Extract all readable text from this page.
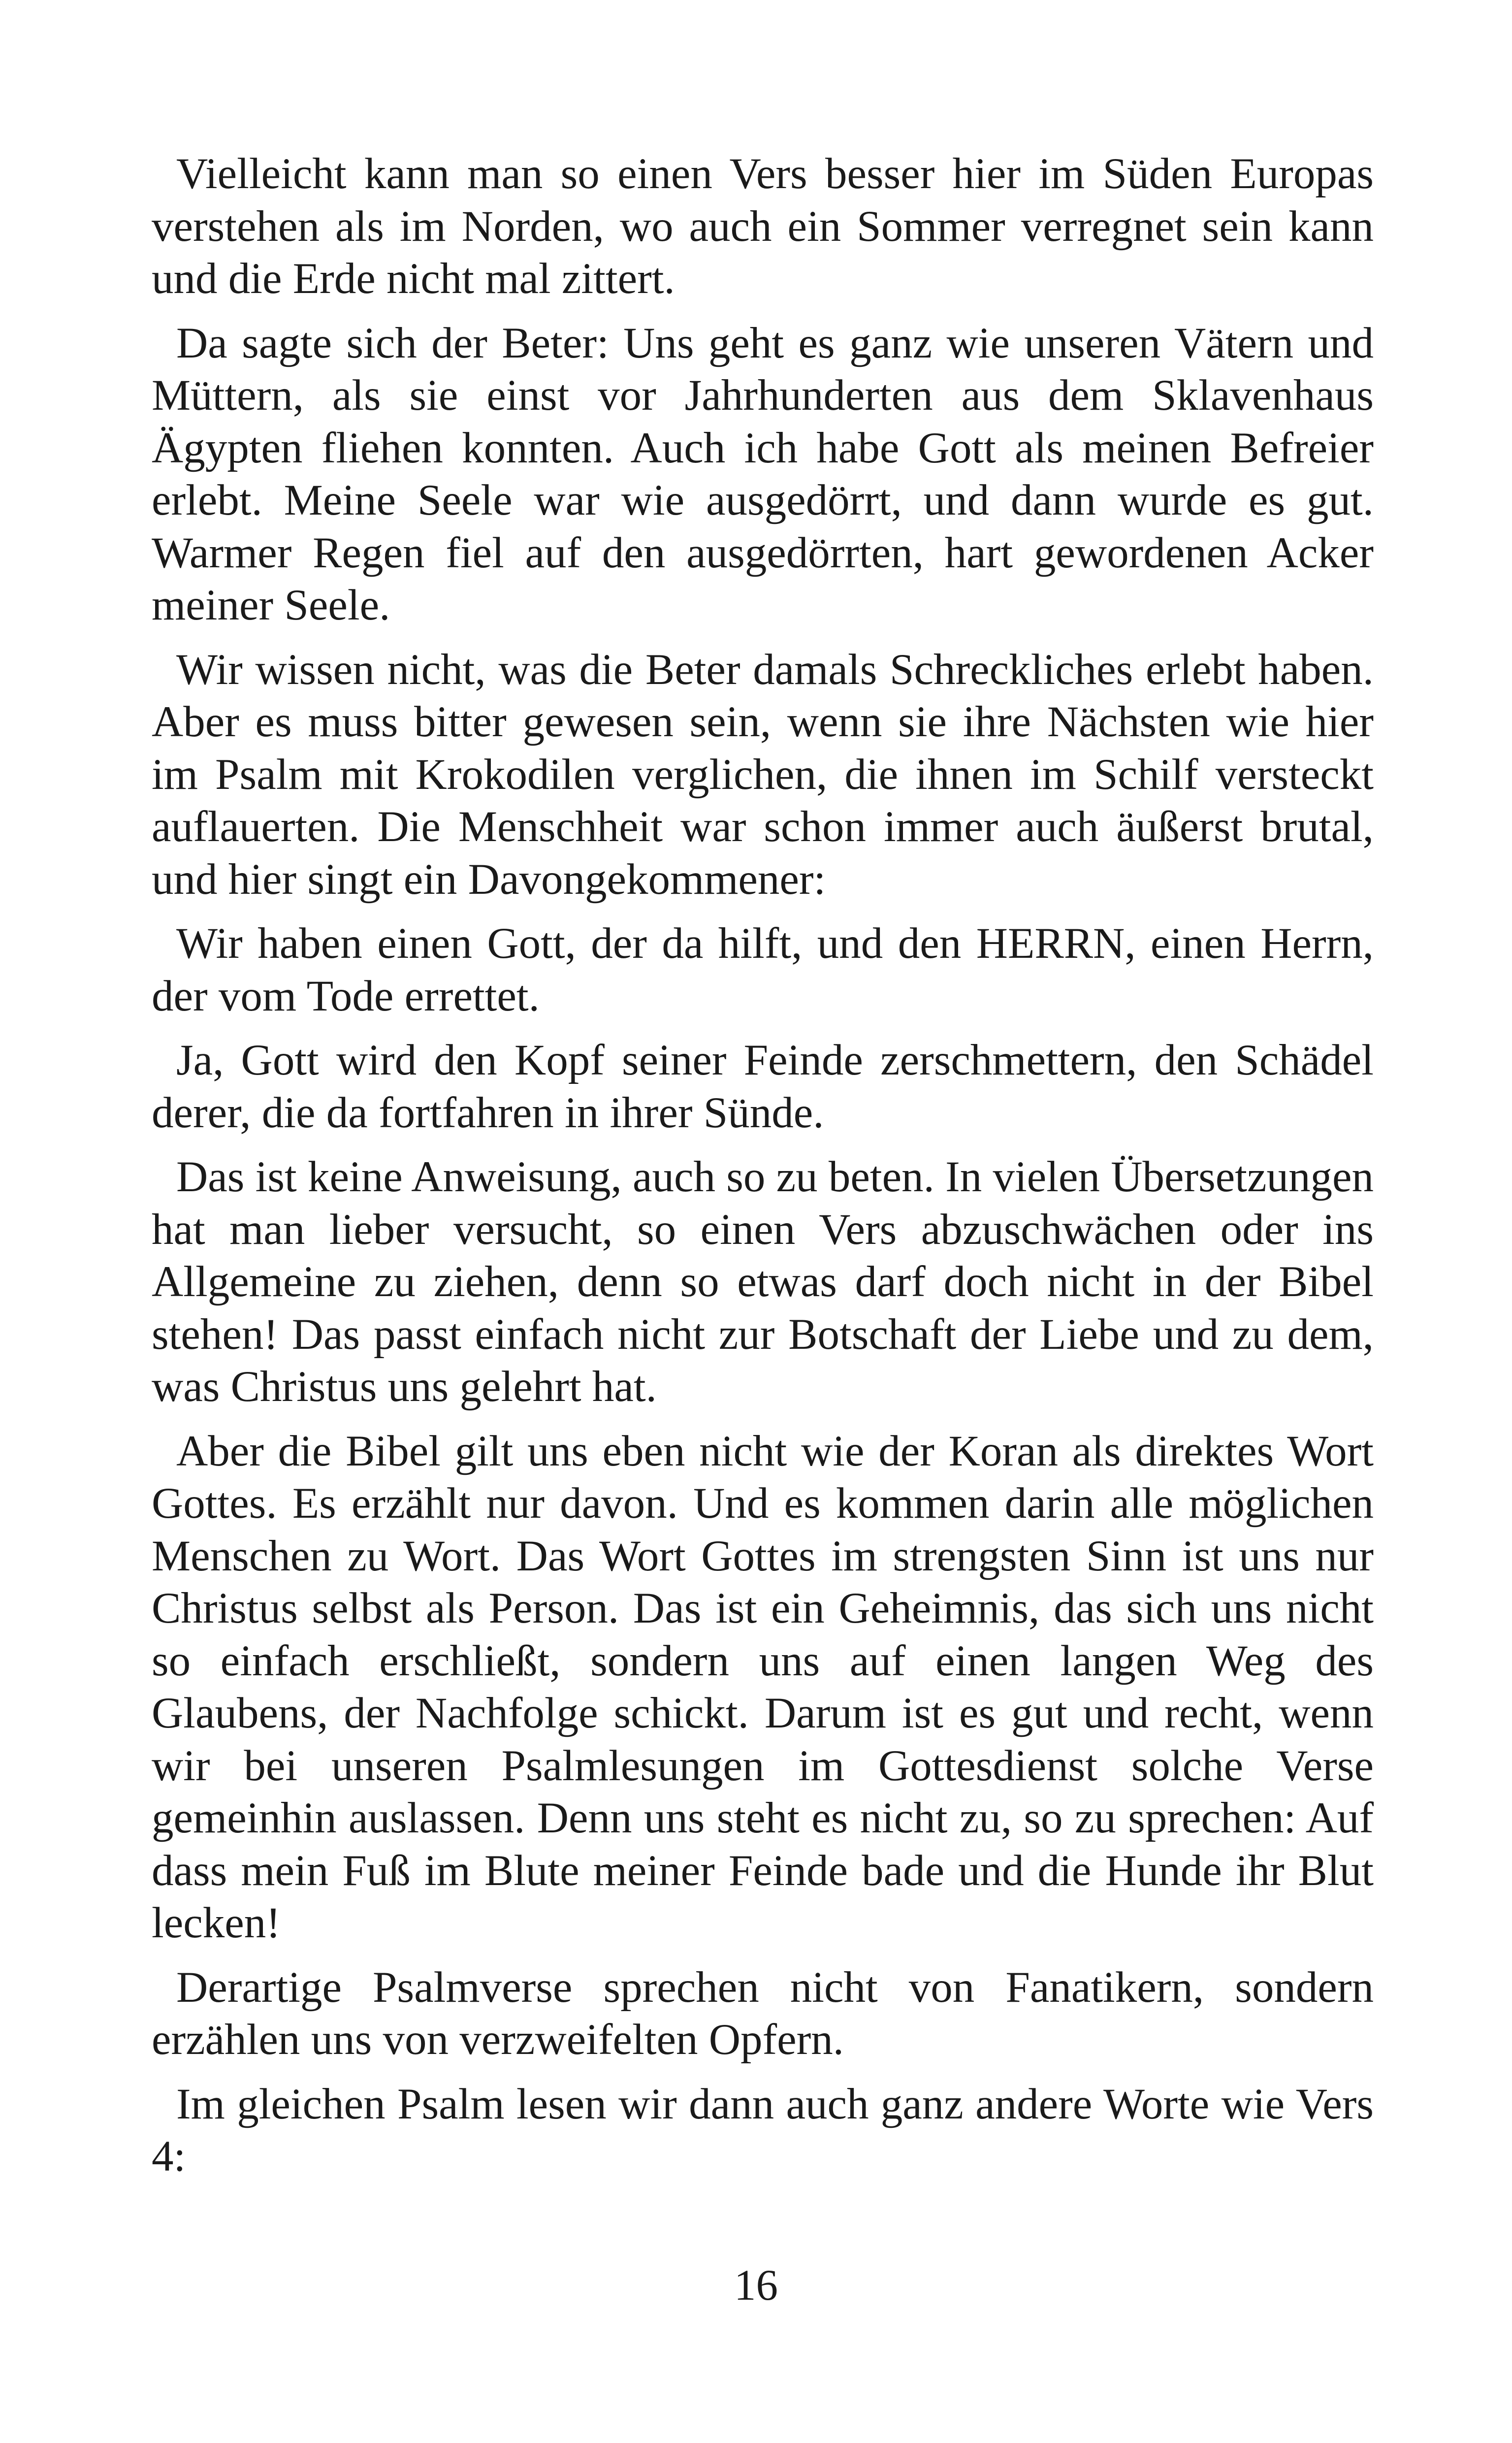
Vielleicht kann man so einen Vers besser hier im Süden Europas verstehen als im Norden, wo auch ein Sommer verregnet sein kann und die Erde nicht mal zittert.

Da sagte sich der Beter: Uns geht es ganz wie unseren Vätern und Müttern, als sie einst vor Jahrhunderten aus dem Sklavenhaus Ägypten fliehen konnten. Auch ich habe Gott als meinen Befreier erlebt. Meine Seele war wie ausgedörrt, und dann wurde es gut. Warmer Regen fiel auf den ausgedörrten, hart gewordenen Acker meiner Seele.

Wir wissen nicht, was die Beter damals Schreckliches erlebt haben. Aber es muss bitter gewesen sein, wenn sie ihre Nächsten wie hier im Psalm mit Krokodilen verglichen, die ihnen im Schilf versteckt auflauerten. Die Menschheit war schon immer auch äußerst brutal, und hier singt ein Davongekommener:

Wir haben einen Gott, der da hilft, und den HERRN, einen Herrn, der vom Tode errettet.

Ja, Gott wird den Kopf seiner Feinde zerschmettern, den Schädel derer, die da fortfahren in ihrer Sünde.

Das ist keine Anweisung, auch so zu beten. In vielen Übersetzungen hat man lieber versucht, so einen Vers abzuschwächen oder ins Allgemeine zu ziehen, denn so etwas darf doch nicht in der Bibel stehen! Das passt einfach nicht zur Botschaft der Liebe und zu dem, was Christus uns gelehrt hat.

Aber die Bibel gilt uns eben nicht wie der Koran als direktes Wort Gottes. Es erzählt nur davon. Und es kommen darin alle möglichen Menschen zu Wort. Das Wort Gottes im strengsten Sinn ist uns nur Christus selbst als Person. Das ist ein Geheimnis, das sich uns nicht so einfach erschließt, sondern uns auf einen langen Weg des Glaubens, der Nachfolge schickt. Darum ist es gut und recht, wenn wir bei unseren Psalmlesungen im Gottesdienst solche Verse gemeinhin auslassen. Denn uns steht es nicht zu, so zu sprechen: Auf dass mein Fuß im Blute meiner Feinde bade und die Hunde ihr Blut lecken!

Derartige Psalmverse sprechen nicht von Fanatikern, sondern erzählen uns von verzweifelten Opfern.

Im gleichen Psalm lesen wir dann auch ganz andere Worte wie Vers 4:

16
